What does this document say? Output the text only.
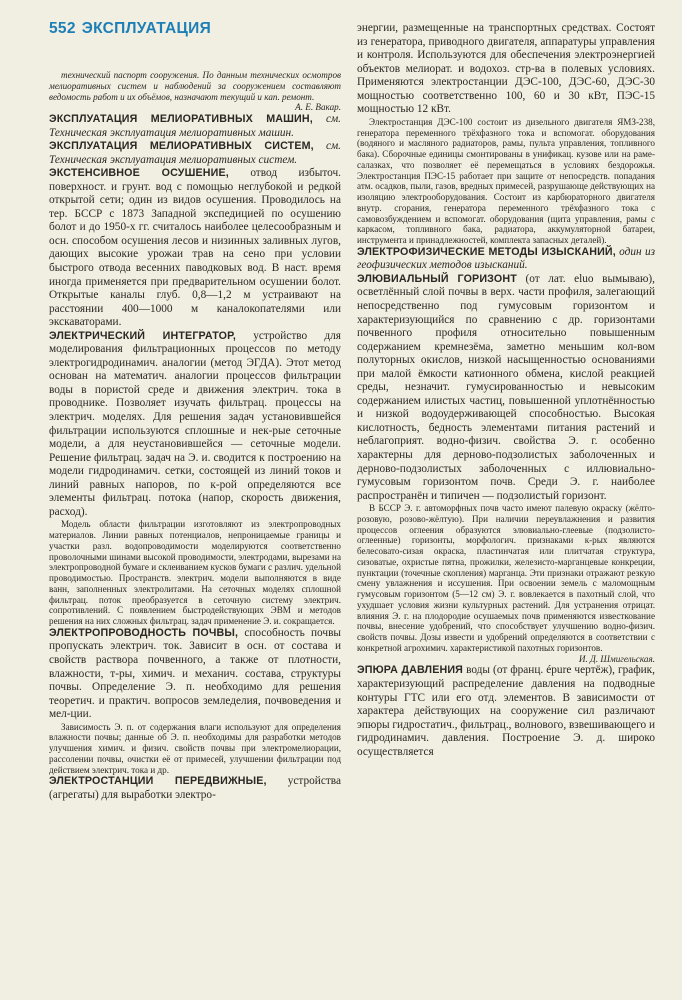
552 ЭКСПЛУАТАЦИЯ

технический паспорт сооружения. По данным технических осмотров мелиоративных систем и наблюдений за сооружением составляют ведомость работ и их объёмов, назначают текущий и кап. ремонт.

А. Е. Вакар.

ЭКСПЛУАТАЦИЯ МЕЛИОРАТИВНЫХ МАШИН, см. Техническая эксплуатация мелиоративных машин.

ЭКСПЛУАТАЦИЯ МЕЛИОРАТИВНЫХ СИСТЕМ, см. Техническая эксплуатация мелиоративных систем.

ЭКСТЕНСИВНОЕ ОСУШЕНИЕ, отвод избыточ. поверхност. и грунт. вод с помощью неглубокой и редкой открытой сети; один из видов осушения. Проводилось на тер. БССР с 1873 Западной экспедицией по осушению болот и до 1950-х гг. считалось наиболее целесообразным и осн. способом осушения лесов и низинных заливных лугов, дающих высокие урожаи трав на сено при условии быстрого отвода весенних паводковых вод. В наст. время иногда применяется при предварительном осушении болот. Открытые каналы глуб. 0,8—1,2 м устраивают на расстоянии 400—1000 м каналокопателями или экскаваторами.

ЭЛЕКТРИЧЕСКИЙ ИНТЕГРАТОР, устройство для моделирования фильтрационных процессов по методу электрогидродинамич. аналогии (метод ЭГДА). Этот метод основан на математич. аналогии процессов фильтрации воды в пористой среде и движения электрич. тока в проводнике. Позволяет изучать фильтрац. процессы на электрич. моделях. Для решения задач установившейся фильтрации используются сплошные и нек-рые сеточные модели, а для неустановившейся — сеточные модели. Решение фильтрац. задач на Э. и. сводится к построению на модели гидродинамич. сетки, состоящей из линий токов и линий равных напоров, по к-рой определяются все элементы фильтрац. потока (напор, скорость движения, расход).

Модель области фильтрации изготовляют из электропроводных материалов. Линии равных потенциалов, непроницаемые границы и участки разл. водопроводимости моделируются соответственно проволочными шинами высокой проводимости, электродами, вырезами на электропроводной бумаге и склеиванием кусков бумаги с различ. удельной проводимостью. Пространств. электрич. модели выполняются в виде ванн, заполненных электролитами. На сеточных моделях сплошной фильтрац. поток преобразуется в сеточную систему электрич. сопротивлений. С появлением быстродействующих ЭВМ и методов решения на них сложных фильтрац. задач применение Э. и. сокращается.

ЭЛЕКТРОПРОВОДНОСТЬ ПОЧВЫ, способность почвы пропускать электрич. ток. Зависит в осн. от состава и свойств раствора почвенного, а также от плотности, влажности, т-ры, химич. и механич. состава, структуры почвы. Определение Э. п. необходимо для решения теоретич. и практич. вопросов земледелия, почвоведения и мел-ции.

Зависимость Э. п. от содержания влаги используют для определения влажности почвы; данные об Э. п. необходимы для разработки методов улучшения химич. и физич. свойств почвы при электромелиорации, рассолении почвы, очистки её от примесей, улучшении фильтрации под действием электрич. тока и др.

ЭЛЕКТРОСТАНЦИИ ПЕРЕДВИЖНЫЕ, устройства (агрегаты) для выработки электро-

энергии, размещенные на транспортных средствах. Состоят из генератора, приводного двигателя, аппаратуры управления и контроля. Используются для обеспечения электроэнергией объектов мелиорат. и водохоз. стр-ва в полевых условиях. Применяются электростанции ДЭС-100, ДЭС-60, ДЭС-30 мощностью соответственно 100, 60 и 30 кВт, ПЭС-15 мощностью 12 кВт.

Электростанция ДЭС-100 состоит из дизельного двигателя ЯМЗ-238, генератора переменного трёхфазного тока и вспомогат. оборудования (водяного и масляного радиаторов, рамы, пульта управления, топливного бака). Сборочные единицы смонтированы в унификац. кузове или на раме-салазках, что позволяет её перемещаться в условиях бездорожья. Электростанция ПЭС-15 работает при защите от непосредств. попадания атм. осадков, пыли, газов, вредных примесей, разрушающе действующих на изоляцию электрооборудования. Состоит из карбюраторного двигателя внутр. сгорания, генератора переменного трёхфазного тока с самовозбуждением и вспомогат. оборудования (щита управления, рамы с каркасом, топливного бака, радиатора, аккумуляторной батареи, инструмента и принадлежностей, комплекта запасных деталей).

ЭЛЕКТРОФИЗИЧЕСКИЕ МЕТОДЫ ИЗЫСКАНИЙ, один из геофизических методов изысканий.

ЭЛЮВИАЛЬНЫЙ ГОРИЗОНТ (от лат. eluo вымываю), осветлённый слой почвы в верх. части профиля, залегающий непосредственно под гумусовым горизонтом и характеризующийся по сравнению с др. горизонтами почвенного профиля относительно повышенным содержанием кремнезёма, заметно меньшим кол-вом полуторных окислов, низкой насыщенностью основаниями при малой ёмкости катионного обмена, кислой реакцией среды, незначит. гумусированностью и невысоким содержанием илистых частиц, повышенной уплотнённостью и низкой водоудерживающей способностью. Высокая кислотность, бедность элементами питания растений и неблагоприят. водно-физич. свойства Э. г. особенно характерны для дерново-подзолистых заболоченных и дерново-подзолистых заболоченных с иллювиально-гумусовым горизонтом почв. Среди Э. г. наиболее распространён и типичен — подзолистый горизонт.

В БССР Э. г. автоморфных почв часто имеют палевую окраску (жёлто-розовую, розово-жёлтую). При наличии переувлажнения и развития процессов оглеения образуются элювиально-глеевые (подзолисто-оглеенные) горизонты, морфологич. признаками к-рых являются белесовато-сизая окраска, пластинчатая или плитчатая структура, сизоватые, охристые пятна, прожилки, железисто-марганцевые конкреции, пунктации (точечные скопления) марганца. Эти признаки отражают резкую смену увлажнения и иссушения. При освоении земель с маломощным гумусовым горизонтом (5—12 см) Э. г. вовлекается в пахотный слой, что ухудшает условия жизни культурных растений. Для устранения отрицат. влияния Э. г. на плодородие осушаемых почв применяются известкование почвы, внесение удобрений, что способствует улучшению водно-физич. свойств почвы. Дозы извести и удобрений определяются в соответствии с конкретной агрохимич. характеристикой пахотных горизонтов.

И. Д. Шмигельская.

ЭПЮРА ДАВЛЕНИЯ воды (от франц. épure чертёж), график, характеризующий распределение давления на подводные контуры ГТС или его отд. элементов. В зависимости от характера действующих на сооружение сил различают эпюры гидростатич., фильтрац., волнового, взвешивающего и гидродинамич. давления. Построение Э. д. широко осуществляется
